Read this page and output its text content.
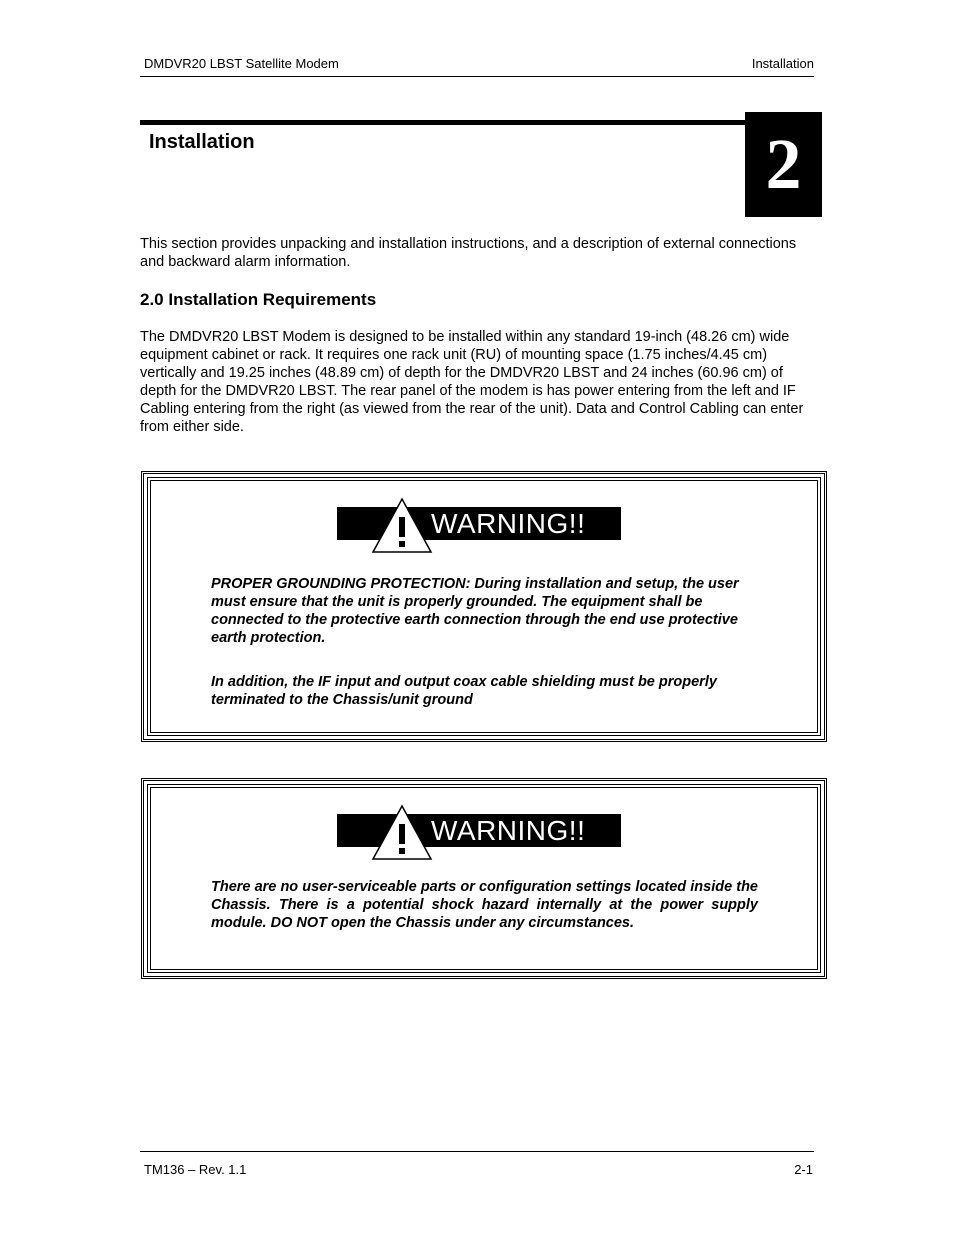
DMDVR20 LBST Satellite Modem	Installation
Installation	2

This section provides unpacking and installation instructions, and a description of external connections and backward alarm information.

2.0 Installation Requirements

The DMDVR20 LBST Modem is designed to be installed within any standard 19-inch (48.26 cm) wide equipment cabinet or rack. It requires one rack unit (RU) of mounting space (1.75 inches/4.45 cm) vertically and 19.25 inches (48.89 cm) of depth for the DMDVR20 LBST and 24 inches (60.96 cm) of depth for the DMDVR20 LBST. The rear panel of the modem is has power entering from the left and IF Cabling entering from the right (as viewed from the rear of the unit). Data and Control Cabling can enter from either side.

WARNING!!

PROPER GROUNDING PROTECTION: During installation and setup, the user must ensure that the unit is properly grounded. The equipment shall be connected to the protective earth connection through the end use protective earth protection.

In addition, the IF input and output coax cable shielding must be properly terminated to the Chassis/unit ground

WARNING!!

There are no user-serviceable parts or configuration settings located inside the Chassis. There is a potential shock hazard internally at the power supply module. DO NOT open the Chassis under any circumstances.

TM136 – Rev. 1.1	2-1
